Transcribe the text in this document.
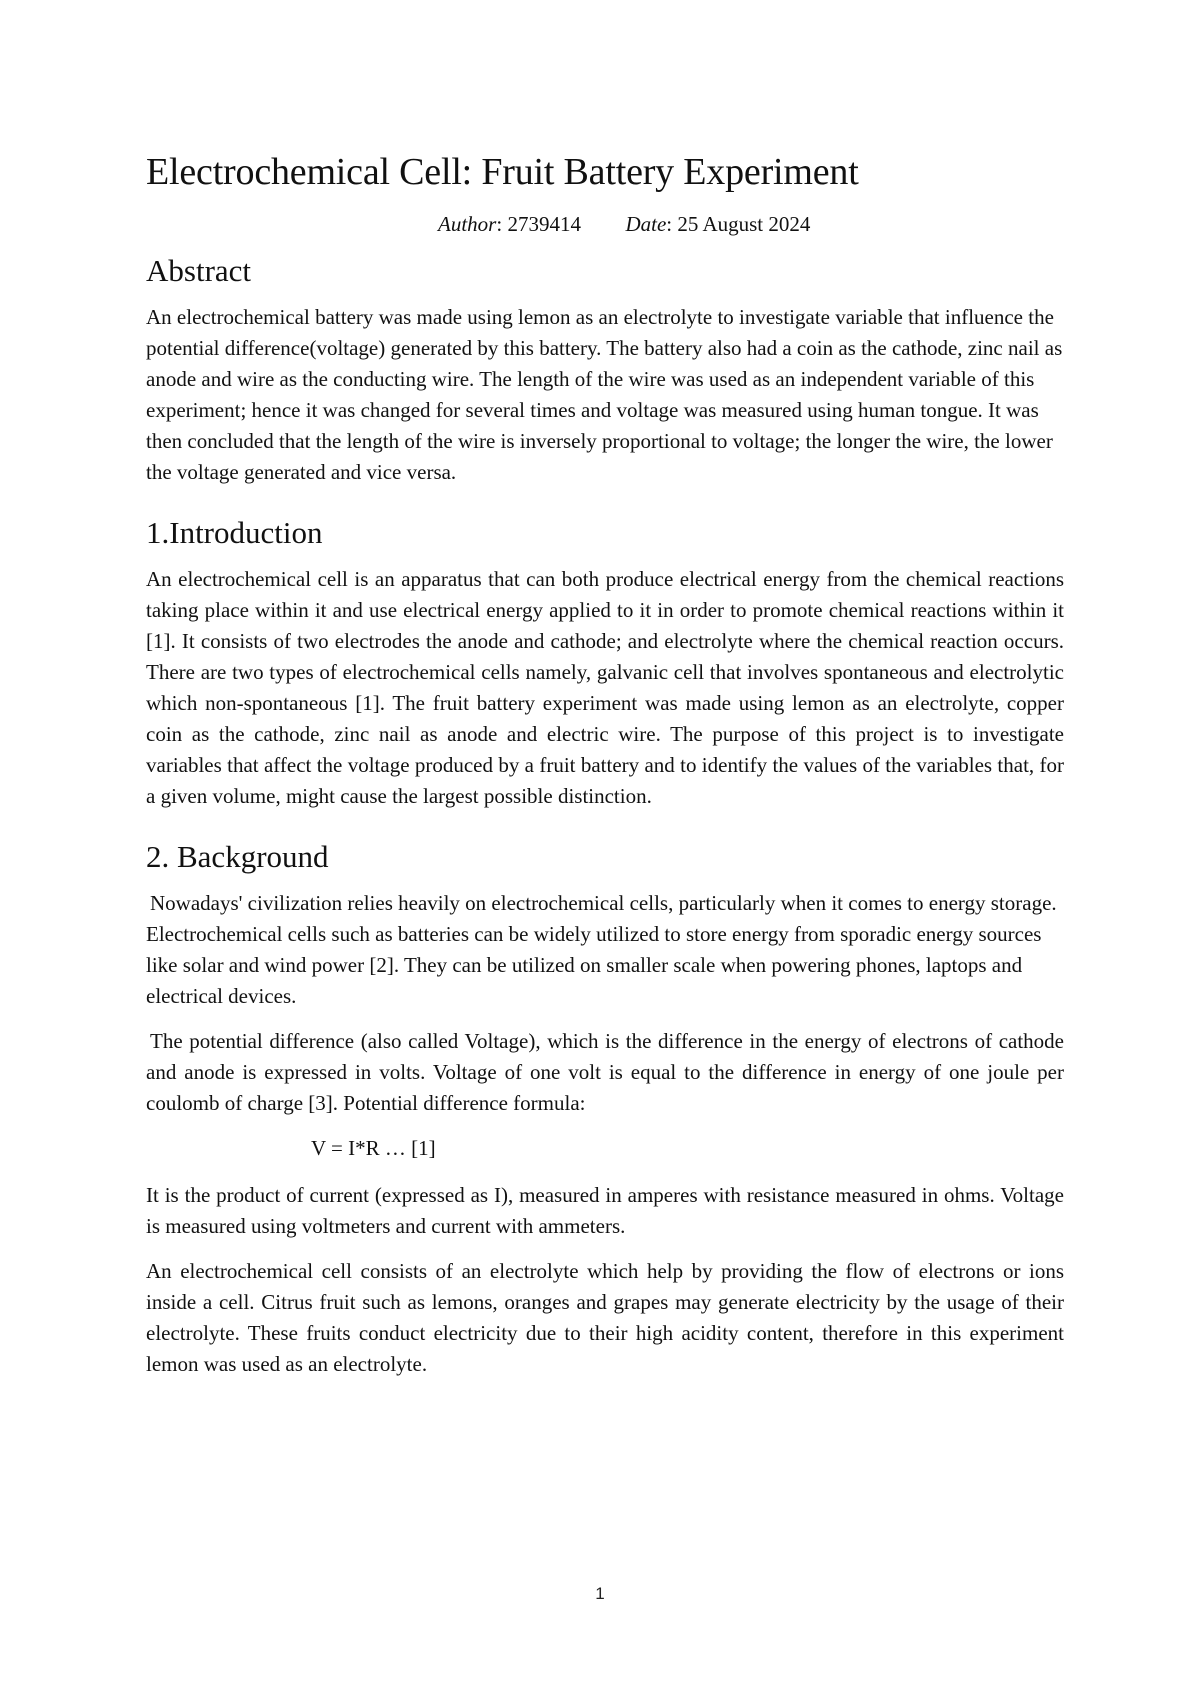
Electrochemical Cell: Fruit Battery Experiment
Author: 2739414 Date: 25 August 2024
Abstract

An electrochemical battery was made using lemon as an electrolyte to investigate variable that influence the potential difference(voltage) generated by this battery. The battery also had a coin as the cathode, zinc nail as anode and wire as the conducting wire. The length of the wire was used as an independent variable of this experiment; hence it was changed for several times and voltage was measured using human tongue. It was then concluded that the length of the wire is inversely proportional to voltage; the longer the wire, the lower the voltage generated and vice versa.

1.Introduction

An electrochemical cell is an apparatus that can both produce electrical energy from the chemical reactions taking place within it and use electrical energy applied to it in order to promote chemical reactions within it [1]. It consists of two electrodes the anode and cathode; and electrolyte where the chemical reaction occurs. There are two types of electrochemical cells namely, galvanic cell that involves spontaneous and electrolytic which non-spontaneous [1]. The fruit battery experiment was made using lemon as an electrolyte, copper coin as the cathode, zinc nail as anode and electric wire. The purpose of this project is to investigate variables that affect the voltage produced by a fruit battery and to identify the values of the variables that, for a given volume, might cause the largest possible distinction.

2. Background

Nowadays' civilization relies heavily on electrochemical cells, particularly when it comes to energy storage. Electrochemical cells such as batteries can be widely utilized to store energy from sporadic energy sources like solar and wind power [2]. They can be utilized on smaller scale when powering phones, laptops and electrical devices.

The potential difference (also called Voltage), which is the difference in the energy of electrons of cathode and anode is expressed in volts. Voltage of one volt is equal to the difference in energy of one joule per coulomb of charge [3]. Potential difference formula:

V = I*R … [1]

It is the product of current (expressed as I), measured in amperes with resistance measured in ohms. Voltage is measured using voltmeters and current with ammeters.

An electrochemical cell consists of an electrolyte which help by providing the flow of electrons or ions inside a cell. Citrus fruit such as lemons, oranges and grapes may generate electricity by the usage of their electrolyte. These fruits conduct electricity due to their high acidity content, therefore in this experiment lemon was used as an electrolyte.

1
